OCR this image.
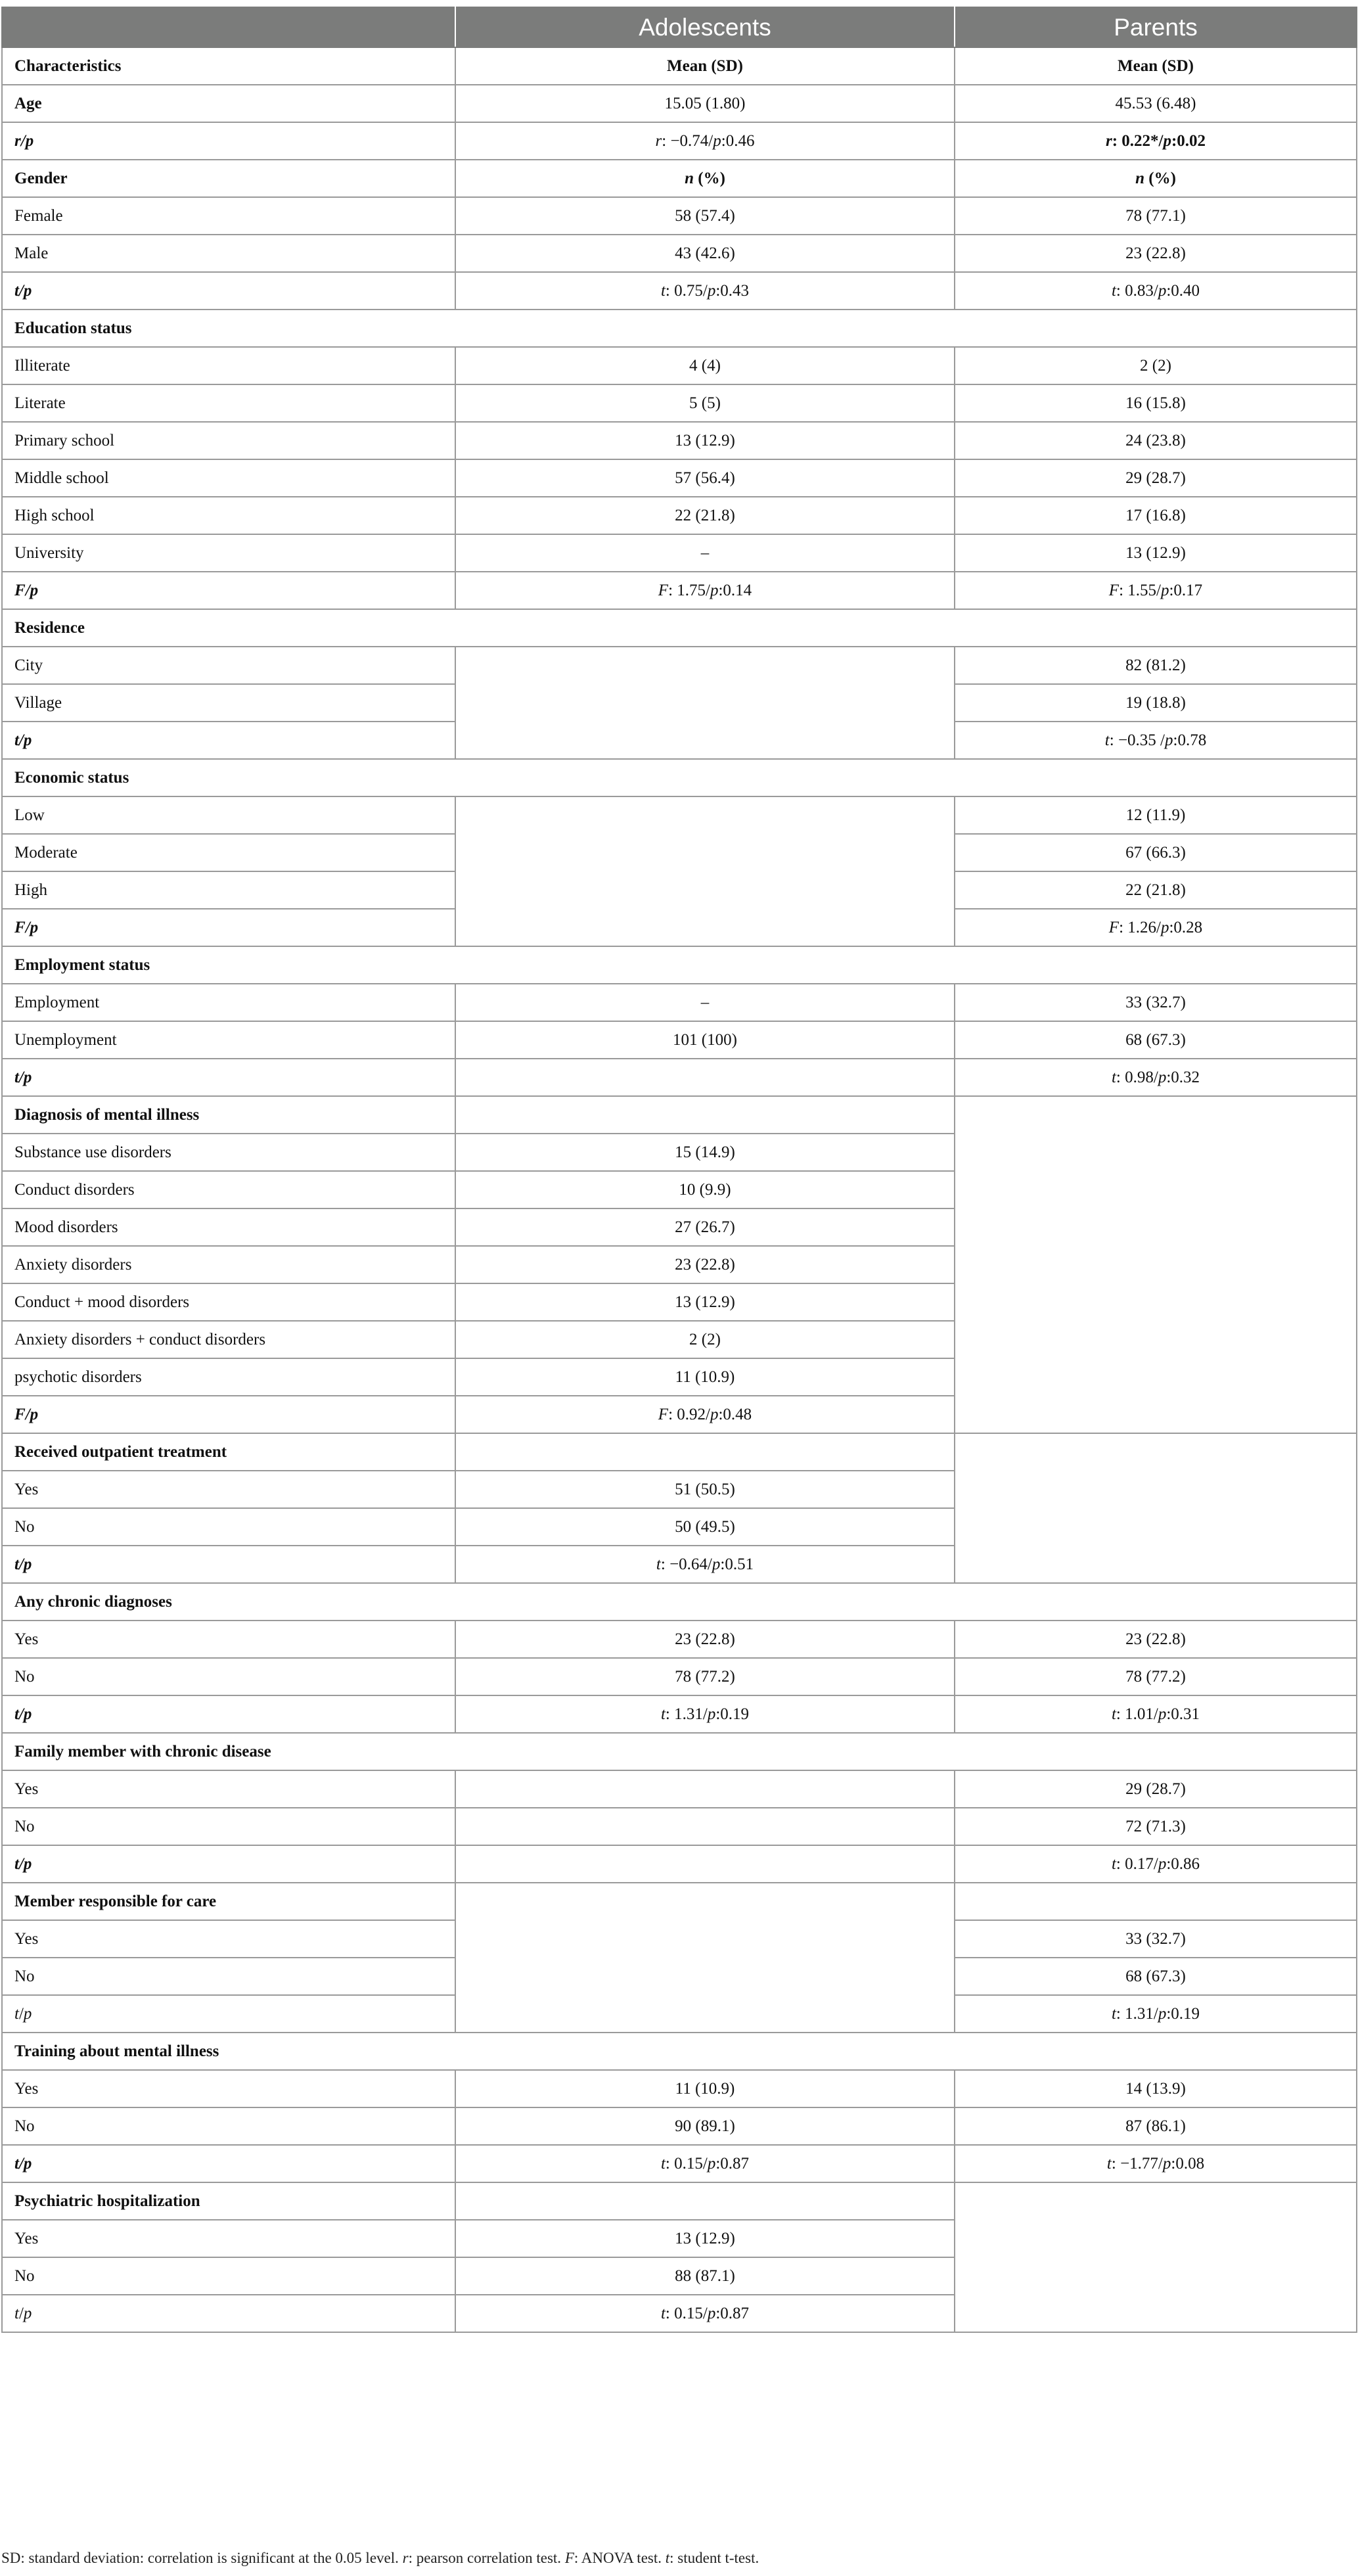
	Adolescents	Parents
Characteristics	Mean (SD)	Mean (SD)
Age	15.05 (1.80)	45.53 (6.48)
r/p	r: −0.74/p:0.46	r: 0.22*/p:0.02
Gender	n (%)	n (%)
Female	58 (57.4)	78 (77.1)
Male	43 (42.6)	23 (22.8)
t/p	t: 0.75/p:0.43	t: 0.83/p:0.40
Education status		
Illiterate	4 (4)	2 (2)
Literate	5 (5)	16 (15.8)
Primary school	13 (12.9)	24 (23.8)
Middle school	57 (56.4)	29 (28.7)
High school	22 (21.8)	17 (16.8)
University	–	13 (12.9)
F/p	F: 1.75/p:0.14	F: 1.55/p:0.17
Residence		
City		82 (81.2)
Village		19 (18.8)
t/p		t: −0.35 /p:0.78
Economic status		
Low		12 (11.9)
Moderate		67 (66.3)
High		22 (21.8)
F/p		F: 1.26/p:0.28
Employment status		
Employment	–	33 (32.7)
Unemployment	101 (100)	68 (67.3)
t/p		t: 0.98/p:0.32
Diagnosis of mental illness		
Substance use disorders	15 (14.9)	
Conduct disorders	10 (9.9)	
Mood disorders	27 (26.7)	
Anxiety disorders	23 (22.8)	
Conduct + mood disorders	13 (12.9)	
Anxiety disorders + conduct disorders	2 (2)	
psychotic disorders	11 (10.9)	
F/p	F: 0.92/p:0.48	
Received outpatient treatment		
Yes	51 (50.5)	
No	50 (49.5)	
t/p	t: −0.64/p:0.51	
Any chronic diagnoses		
Yes	23 (22.8)	23 (22.8)
No	78 (77.2)	78 (77.2)
t/p	t: 1.31/p:0.19	t: 1.01/p:0.31
Family member with chronic disease		
Yes		29 (28.7)
No		72 (71.3)
t/p		t: 0.17/p:0.86
Member responsible for care		
Yes		33 (32.7)
No		68 (67.3)
t/p		t: 1.31/p:0.19
Training about mental illness		
Yes	11 (10.9)	14 (13.9)
No	90 (89.1)	87 (86.1)
t/p	t: 0.15/p:0.87	t: −1.77/p:0.08
Psychiatric hospitalization		
Yes	13 (12.9)	
No	88 (87.1)	
t/p	t: 0.15/p:0.87	
SD: standard deviation: correlation is significant at the 0.05 level. r: pearson correlation test. F: ANOVA test. t: student t-test.
